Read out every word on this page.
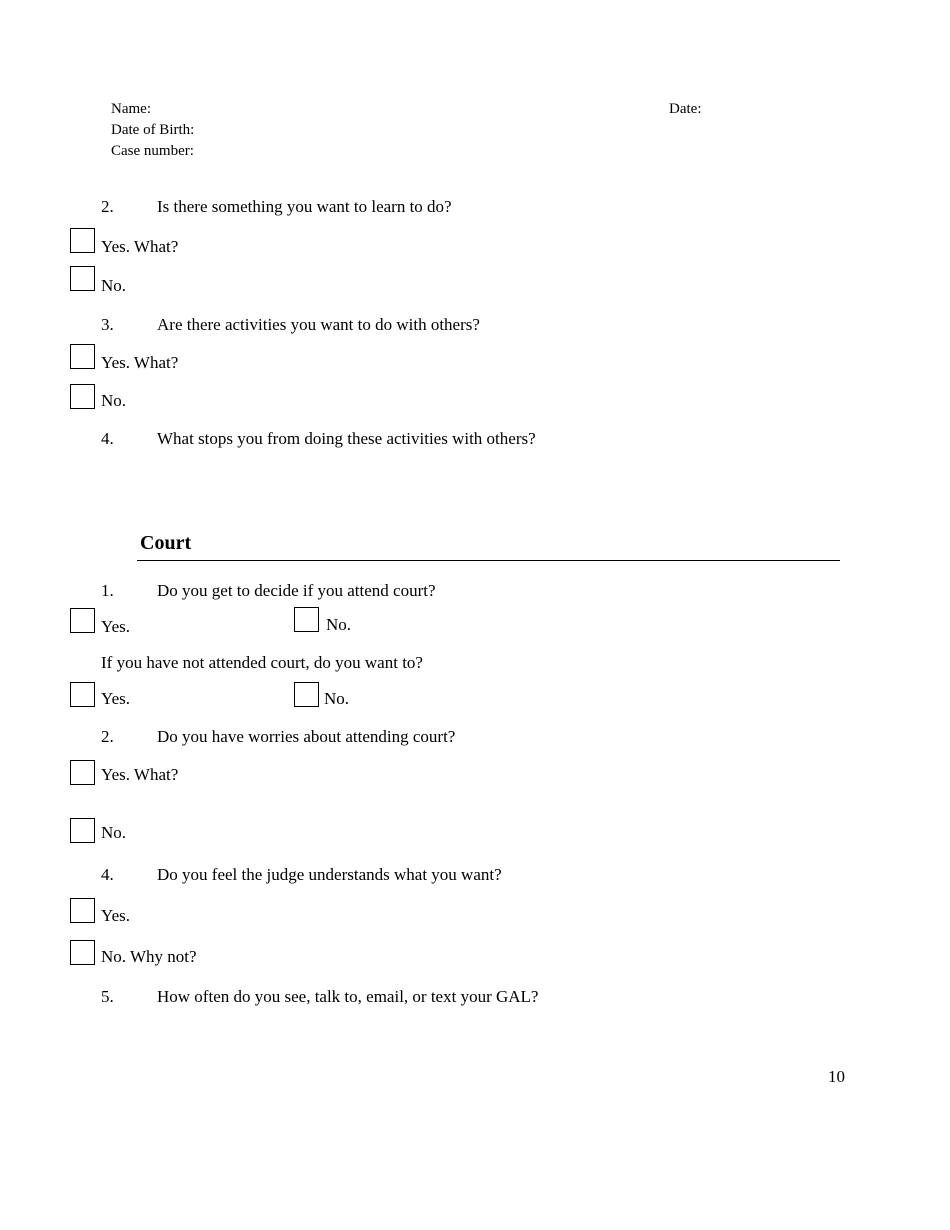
Name:	Date:
Date of Birth:
Case number:
2.	Is there something you want to learn to do?
Yes. What?
No.
3.	Are there activities you want to do with others?
Yes. What?
No.
4.	What stops you from doing these activities with others?
Court
1.	Do you get to decide if you attend court?
Yes.	No.
If you have not attended court, do you want to?
Yes.	No.
2.	Do you have worries about attending court?
Yes. What?
No.
4.	Do you feel the judge understands what you want?
Yes.
No. Why not?
5.	How often do you see, talk to, email, or text your GAL?
10
